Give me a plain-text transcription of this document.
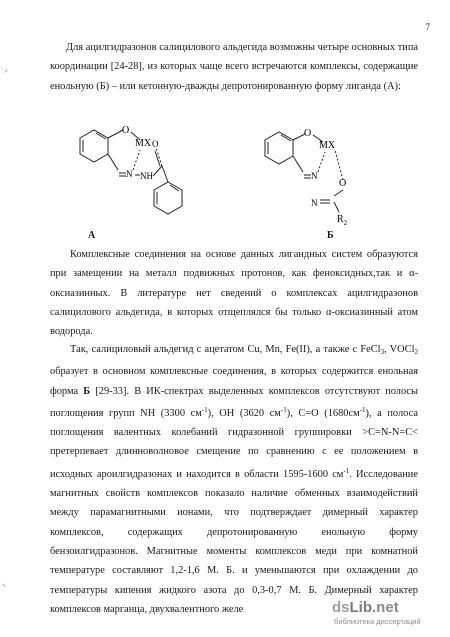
7

Для ацилгидразонов салицилового альдегида возможны четыре основных типа координации [24-28], из которых чаще всего встречаются комплексы, содержащие енольную (Б) – или кетонную-дважды депротонированную форму лиганда (А):

O
MX
N NH
O
А
O
MX
N
N
O
$R_2$
Б
⸝
⸜

Комплексные соединения на основе данных лигандных систем образуются при замещении на металл подвижных протонов, как феноксидных,так и α-оксиазинных. В литературе нет сведений о комплексах ацилгидразонов салицилового альдегида, в которых отщеплялся бы только α-оксиазинный атом водорода.

Так, салициловый альдегид с ацетатом Cu, Mn, Fe(II), а также с FeCl$_3$, VOCl$_2$ образует в основном комплексные соединения, в которых содержится енольная форма Б [29-33]. В ИК-спектрах выделенных комплексов отсутствуют полосы поглощения групп NH (3300 $см^{-1}$), OH (3620 $см^{-1}$), C=O $(1680см^{-1})$, а полоса поглощения валентных колебаний гидразонной группировки >C=N-N=C< претерпевает длинноволновое смещение по сравнению с ее положением в исходных ароилгидразонах и находится в области 1595-1600 $см^{-1}$. Исследование магнитных свойств комплексов показало наличие обменных взаимодействий между парамагнитными ионами, что подтверждает димерный характер комплексов, содержащих депротонированную енольную форму бензоилгидразонов. Магнитные моменты комплексов меди при комнатной температуре составляют 1,2-1,6 М. Б. и уменьшаются при охлаждении до температуры кипения жидкого азота до 0,3-0,7 М. Б. Димерный характер комплексов марганца, двухвалентного желе	dsLib.net
библиотека диссертаций
